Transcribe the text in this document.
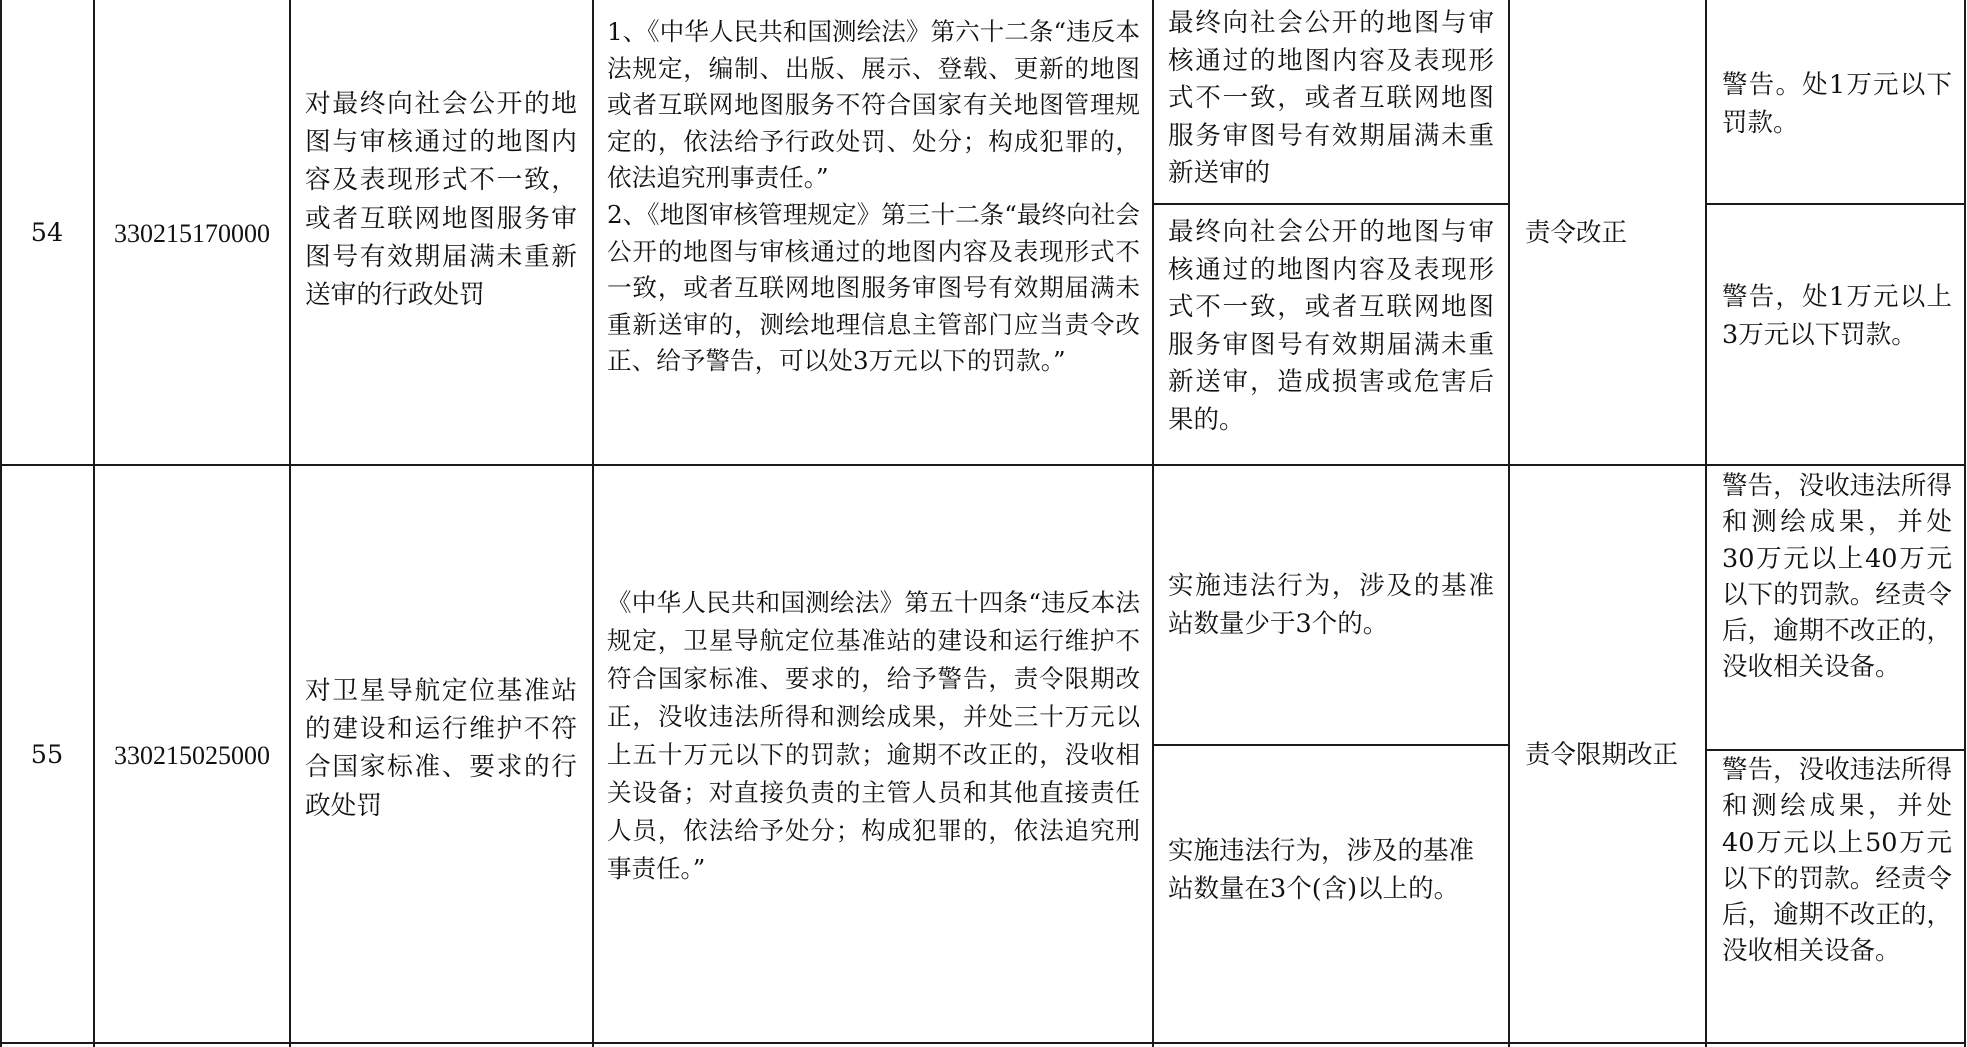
54	330215170000
对最终向社会公开的地图与审核通过的地图内容及表现形式不一致，或者互联网地图服务审图号有效期届满未重新送审的行政处罚

1、《中华人民共和国测绘法》第六十二条“违反本法规定，编制、出版、展示、登载、更新的地图或者互联网地图服务不符合国家有关地图管理规定的，依法给予行政处罚、处分；构成犯罪的，依法追究刑事责任。”

2、《地图审核管理规定》第三十二条“最终向社会公开的地图与审核通过的地图内容及表现形式不一致，或者互联网地图服务审图号有效期届满未重新送审的，测绘地理信息主管部门应当责令改正、给予警告，可以处3万元以下的罚款。”

最终向社会公开的地图与审核通过的地图内容及表现形式不一致，或者互联网地图服务审图号有效期届满未重新送审的
最终向社会公开的地图与审核通过的地图内容及表现形式不一致，或者互联网地图服务审图号有效期届满未重新送审，造成损害或危害后果的。
责令改正
警告。处1万元以下罚款。
警告，处1万元以上3万元以下罚款。
55	330215025000
对卫星导航定位基准站的建设和运行维护不符合国家标准、要求的行政处罚

《中华人民共和国测绘法》第五十四条“违反本法规定，卫星导航定位基准站的建设和运行维护不符合国家标准、要求的，给予警告，责令限期改正，没收违法所得和测绘成果，并处三十万元以上五十万元以下的罚款；逾期不改正的，没收相关设备；对直接负责的主管人员和其他直接责任人员，依法给予处分；构成犯罪的，依法追究刑事责任。”

实施违法行为，涉及的基准站数量少于3个的。
实施违法行为，涉及的基准站数量在3个(含)以上的。
责令限期改正
警告，没收违法所得和测绘成果，并处30万元以上40万元以下的罚款。经责令后，逾期不改正的，没收相关设备。
警告，没收违法所得和测绘成果，并处40万元以上50万元以下的罚款。经责令后，逾期不改正的，没收相关设备。
